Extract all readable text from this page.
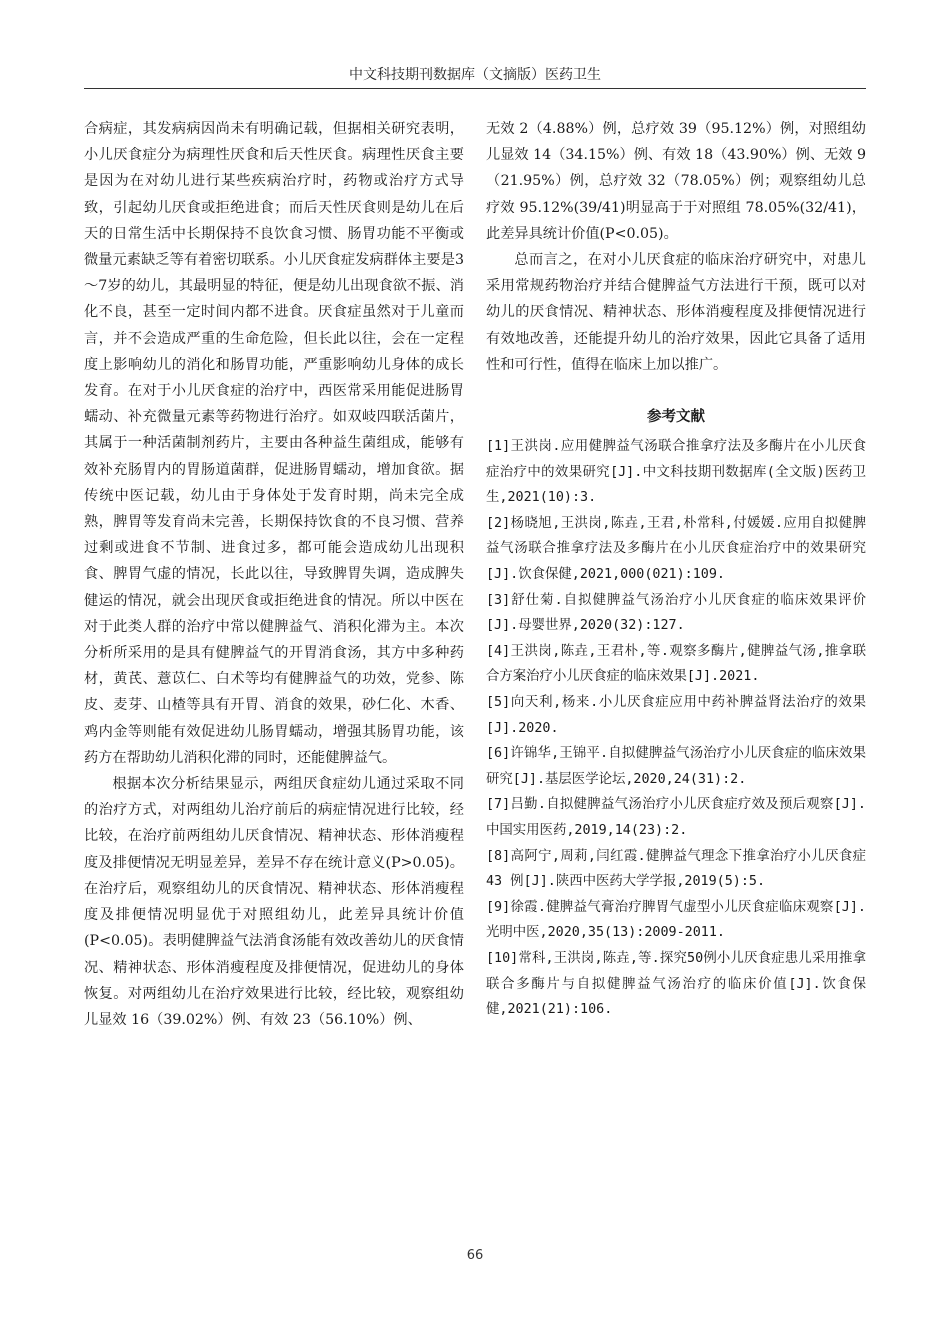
中文科技期刊数据库（文摘版）医药卫生

合病症，其发病病因尚未有明确记载，但据相关研究表明，小儿厌食症分为病理性厌食和后天性厌食。病理性厌食主要是因为在对幼儿进行某些疾病治疗时，药物或治疗方式导致，引起幼儿厌食或拒绝进食；而后天性厌食则是幼儿在后天的日常生活中长期保持不良饮食习惯、肠胃功能不平衡或微量元素缺乏等有着密切联系。小儿厌食症发病群体主要是3～7岁的幼儿，其最明显的特征，便是幼儿出现食欲不振、消化不良，甚至一定时间内都不进食。厌食症虽然对于儿童而言，并不会造成严重的生命危险，但长此以往，会在一定程度上影响幼儿的消化和肠胃功能，严重影响幼儿身体的成长发育。在对于小儿厌食症的治疗中，西医常采用能促进肠胃蠕动、补充微量元素等药物进行治疗。如双岐四联活菌片，其属于一种活菌制剂药片，主要由各种益生菌组成，能够有效补充肠胃内的胃肠道菌群，促进肠胃蠕动，增加食欲。据传统中医记载，幼儿由于身体处于发育时期，尚未完全成熟，脾胃等发育尚未完善，长期保持饮食的不良习惯、营养过剩或进食不节制、进食过多，都可能会造成幼儿出现积食、脾胃气虚的情况，长此以往，导致脾胃失调，造成脾失健运的情况，就会出现厌食或拒绝进食的情况。所以中医在对于此类人群的治疗中常以健脾益气、消积化滞为主。本次分析所采用的是具有健脾益气的开胃消食汤，其方中多种药材，黄芪、薏苡仁、白术等均有健脾益气的功效，党参、陈皮、麦芽、山楂等具有开胃、消食的效果，砂仁化、木香、鸡内金等则能有效促进幼儿肠胃蠕动，增强其肠胃功能，该药方在帮助幼儿消积化滞的同时，还能健脾益气。

根据本次分析结果显示，两组厌食症幼儿通过采取不同的治疗方式，对两组幼儿治疗前后的病症情况进行比较，经比较，在治疗前两组幼儿厌食情况、精神状态、形体消瘦程度及排便情况无明显差异，差异不存在统计意义(P>0.05)。在治疗后，观察组幼儿的厌食情况、精神状态、形体消瘦程度及排便情况明显优于对照组幼儿，此差异具统计价值(P<0.05)。表明健脾益气法消食汤能有效改善幼儿的厌食情况、精神状态、形体消瘦程度及排便情况，促进幼儿的身体恢复。对两组幼儿在治疗效果进行比较，经比较，观察组幼儿显效 16（39.02%）例、有效 23（56.10%）例、

无效 2（4.88%）例，总疗效 39（95.12%）例，对照组幼儿显效 14（34.15%）例、有效 18（43.90%）例、无效 9（21.95%）例，总疗效 32（78.05%）例；观察组幼儿总疗效 95.12%(39/41)明显高于于对照组 78.05%(32/41)，此差异具统计价值(P<0.05)。

总而言之，在对小儿厌食症的临床治疗研究中，对患儿采用常规药物治疗并结合健脾益气方法进行干预，既可以对幼儿的厌食情况、精神状态、形体消瘦程度及排便情况进行有效地改善，还能提升幼儿的治疗效果，因此它具备了适用性和可行性，值得在临床上加以推广。

参考文献

[1]王洪岗.应用健脾益气汤联合推拿疗法及多酶片在小儿厌食症治疗中的效果研究[J].中文科技期刊数据库(全文版)医药卫生,2021(10):3.

[2]杨晓旭,王洪岗,陈垚,王君,朴常科,付媛媛.应用自拟健脾益气汤联合推拿疗法及多酶片在小儿厌食症治疗中的效果研究[J].饮食保健,2021,000(021):109.

[3]舒仕菊.自拟健脾益气汤治疗小儿厌食症的临床效果评价[J].母婴世界,2020(32):127.

[4]王洪岗,陈垚,王君朴,等.观察多酶片,健脾益气汤,推拿联合方案治疗小儿厌食症的临床效果[J].2021.

[5]向天利,杨来.小儿厌食症应用中药补脾益肾法治疗的效果[J].2020.

[6]许锦华,王锦平.自拟健脾益气汤治疗小儿厌食症的临床效果研究[J].基层医学论坛,2020,24(31):2.

[7]吕勤.自拟健脾益气汤治疗小儿厌食症疗效及预后观察[J].中国实用医药,2019,14(23):2.

[8]高阿宁,周莉,闫红霞.健脾益气理念下推拿治疗小儿厌食症 43 例[J].陕西中医药大学学报,2019(5):5.

[9]徐霞.健脾益气膏治疗脾胃气虚型小儿厌食症临床观察[J].光明中医,2020,35(13):2009-2011.

[10]常科,王洪岗,陈垚,等.探究50例小儿厌食症患儿采用推拿联合多酶片与自拟健脾益气汤治疗的临床价值[J].饮食保健,2021(21):106.

66
